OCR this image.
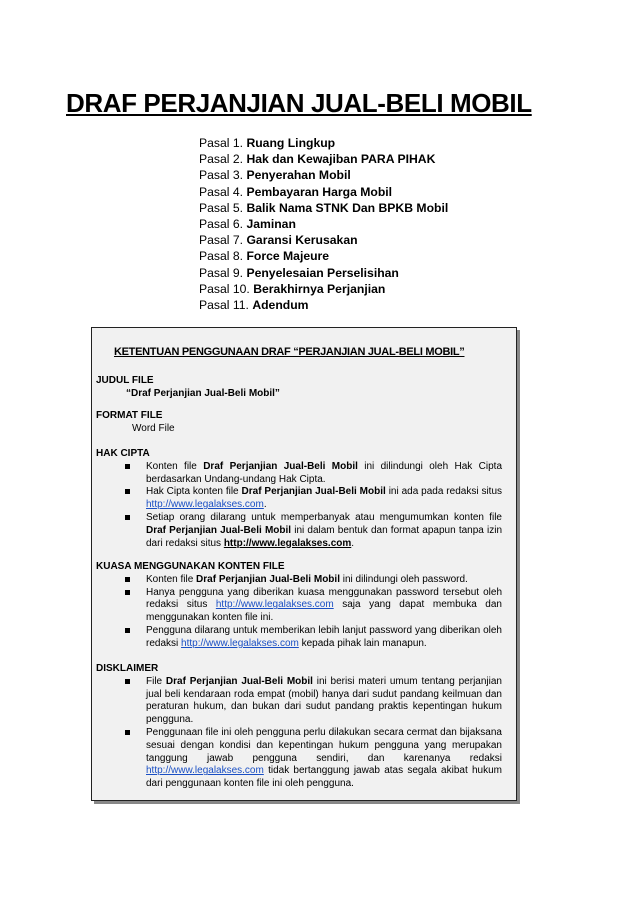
DRAF PERJANJIAN JUAL-BELI MOBIL
Pasal 1. Ruang Lingkup
Pasal 2. Hak dan Kewajiban PARA PIHAK
Pasal 3. Penyerahan Mobil
Pasal 4. Pembayaran Harga Mobil
Pasal 5. Balik Nama STNK Dan BPKB Mobil
Pasal 6. Jaminan
Pasal 7. Garansi Kerusakan
Pasal 8. Force Majeure
Pasal 9. Penyelesaian Perselisihan
Pasal 10. Berakhirnya Perjanjian
Pasal 11. Adendum
KETENTUAN PENGGUNAAN DRAF “PERJANJIAN JUAL-BELI MOBIL”
JUDUL FILE
“Draf Perjanjian Jual-Beli Mobil”
FORMAT FILE
Word File
HAK CIPTA
Konten file Draf Perjanjian Jual-Beli Mobil ini dilindungi oleh Hak Cipta berdasarkan Undang-undang Hak Cipta.
Hak Cipta konten file Draf Perjanjian Jual-Beli Mobil ini ada pada redaksi situs http://www.legalakses.com.
Setiap orang dilarang untuk memperbanyak atau mengumumkan konten file Draf Perjanjian Jual-Beli Mobil ini dalam bentuk dan format apapun tanpa izin dari redaksi situs http://www.legalakses.com.
KUASA MENGGUNAKAN KONTEN FILE
Konten file Draf Perjanjian Jual-Beli Mobil ini dilindungi oleh password.
Hanya pengguna yang diberikan kuasa menggunakan password tersebut oleh redaksi situs http://www.legalakses.com saja yang dapat membuka dan menggunakan konten file ini.
Pengguna dilarang untuk memberikan lebih lanjut password yang diberikan oleh redaksi http://www.legalakses.com kepada pihak lain manapun.
DISKLAIMER
File Draf Perjanjian Jual-Beli Mobil ini berisi materi umum tentang perjanjian jual beli kendaraan roda empat (mobil) hanya dari sudut pandang keilmuan dan peraturan hukum, dan bukan dari sudut pandang praktis kepentingan hukum pengguna.
Penggunaan file ini oleh pengguna perlu dilakukan secara cermat dan bijaksana sesuai dengan kondisi dan kepentingan hukum pengguna yang merupakan tanggung jawab pengguna sendiri, dan karenanya redaksi http://www.legalakses.com tidak bertanggung jawab atas segala akibat hukum dari penggunaan konten file ini oleh pengguna.
